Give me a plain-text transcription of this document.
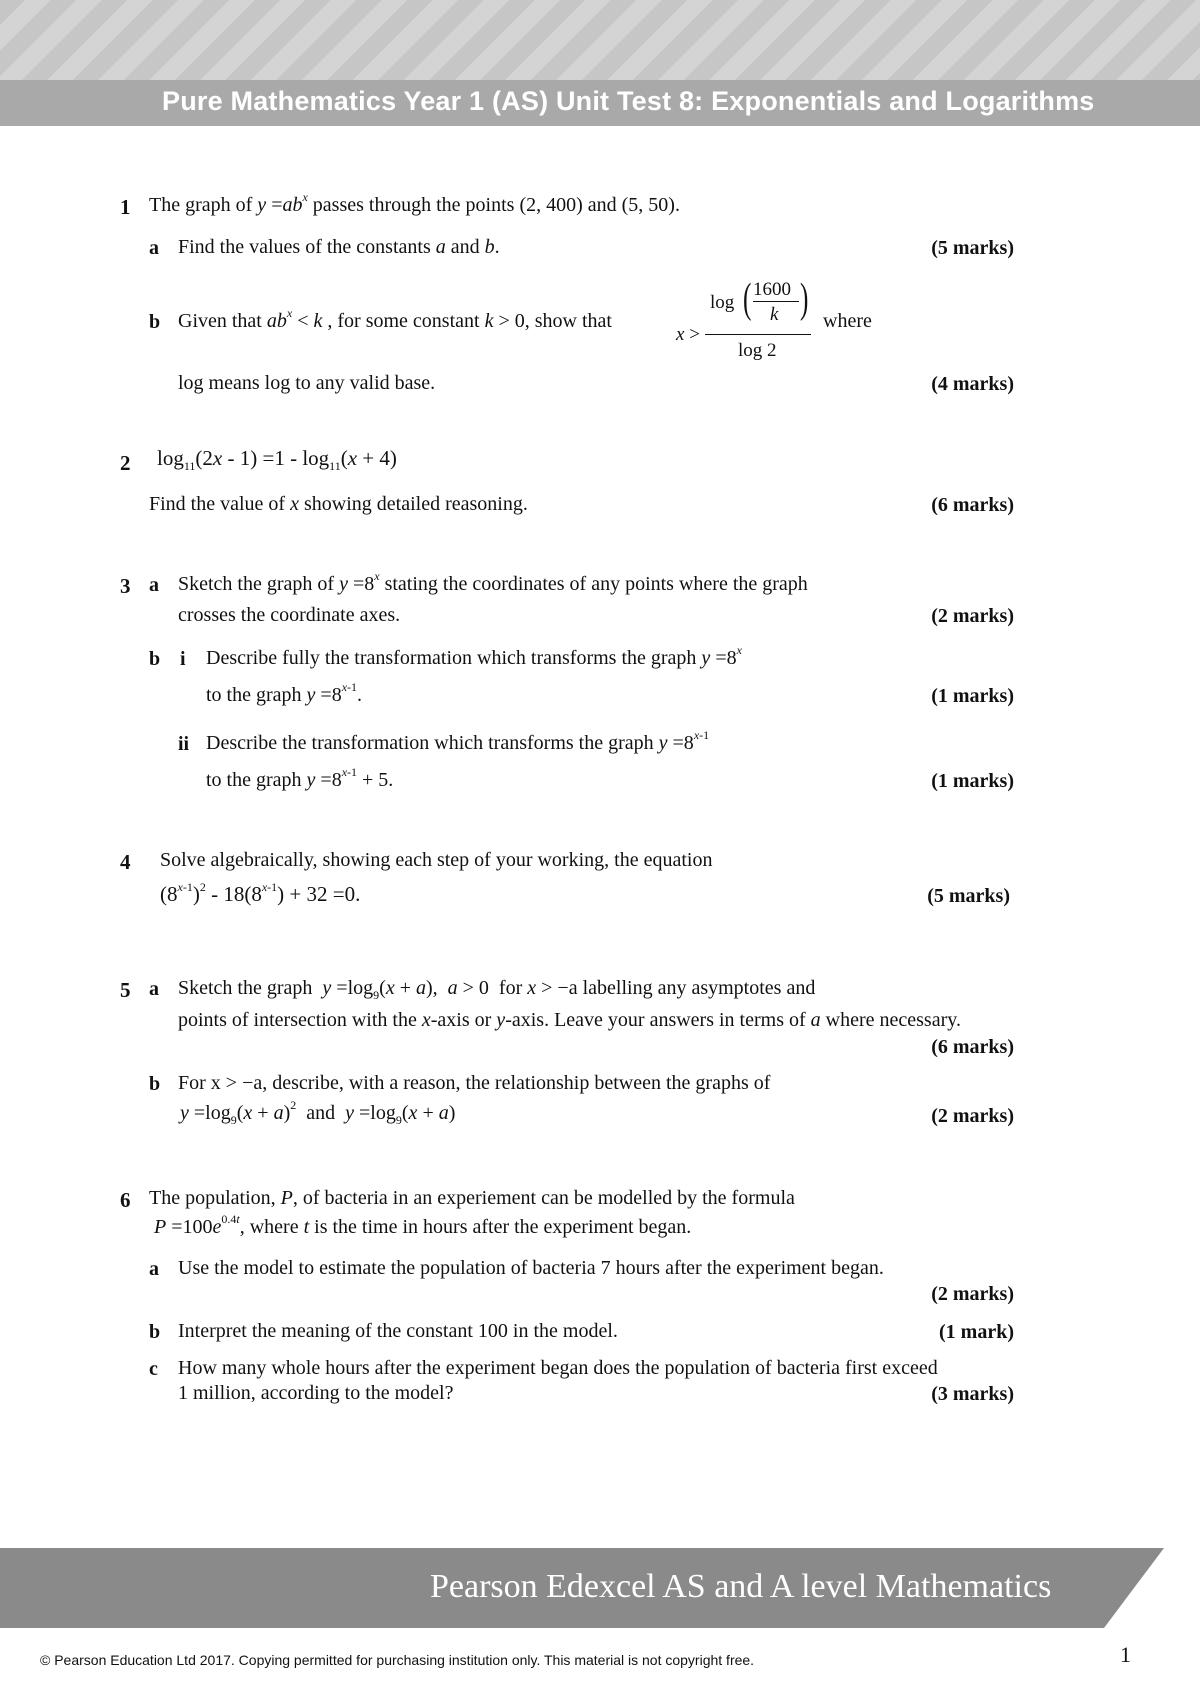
Pure Mathematics Year 1 (AS) Unit Test 8: Exponentials and Logarithms
1 The graph of $y =ab^x$ passes through the points (2, 400) and (5, 50).
a Find the values of the constants a and b.	(5 marks)
b Given that $ab^x < k$ , for some constant k > 0, show that
x >
log ( 1600
k )
log 2
where
log means log to any valid base.	(4 marks)
2 $\log_{11}(2x - 1) =1 - \log_{11}(x + 4)$
Find the value of x showing detailed reasoning.	(6 marks)
3 a Sketch the graph of $y =8^x$ stating the coordinates of any points where the graph
crosses the coordinate axes.	(2 marks)
b i Describe fully the transformation which transforms the graph $y =8^x$
to the graph $y =8^{x-1}$.	(1 marks)
ii Describe the transformation which transforms the graph $y =8^{x-1}$
to the graph $y =8^{x-1} + 5$.	(1 marks)
4 Solve algebraically, showing each step of your working, the equation
$(8^{x-1})^2 - 18(8^{x-1}) + 32 =0$.	(5 marks)
5 a Sketch the graph $y =\log_9(x + a)$,  a > 0  for x > −a labelling any asymptotes and
points of intersection with the x-axis or y-axis. Leave your answers in terms of a where necessary.
(6 marks)
b For x > −a, describe, with a reason, the relationship between the graphs of
$y =\log_9(x + a)^2$ and $y =\log_9(x + a)$	(2 marks)
6 The population, P, of bacteria in an experiement can be modelled by the formula
$P =100e^{0.4t}$, where t is the time in hours after the experiment began.
a Use the model to estimate the population of bacteria 7 hours after the experiment began.
(2 marks)
b Interpret the meaning of the constant 100 in the model.	(1 mark)
c How many whole hours after the experiment began does the population of bacteria first exceed
1 million, according to the model?	(3 marks)
Pearson Edexcel AS and A level Mathematics
© Pearson Education Ltd 2017. Copying permitted for purchasing institution only. This material is not copyright free.	1
